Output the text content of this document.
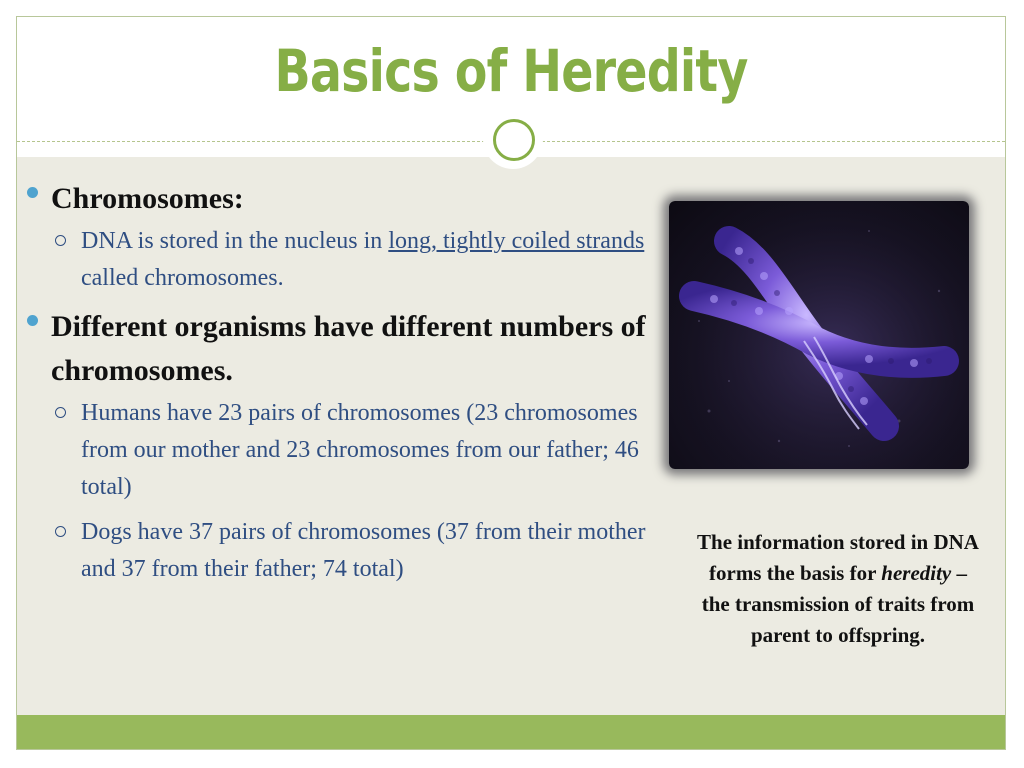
Basics of Heredity
Chromosomes:
DNA is stored in the nucleus in long, tightly coiled strands called chromosomes.
Different organisms have different numbers of chromosomes.
Humans have 23 pairs of chromosomes (23 chromosomes from our mother and 23 chromosomes from our father; 46 total)
Dogs have 37 pairs of chromosomes (37 from their mother and 37 from their father; 74 total)
The information stored in DNA forms the basis for heredity – the transmission of traits from parent to offspring.
